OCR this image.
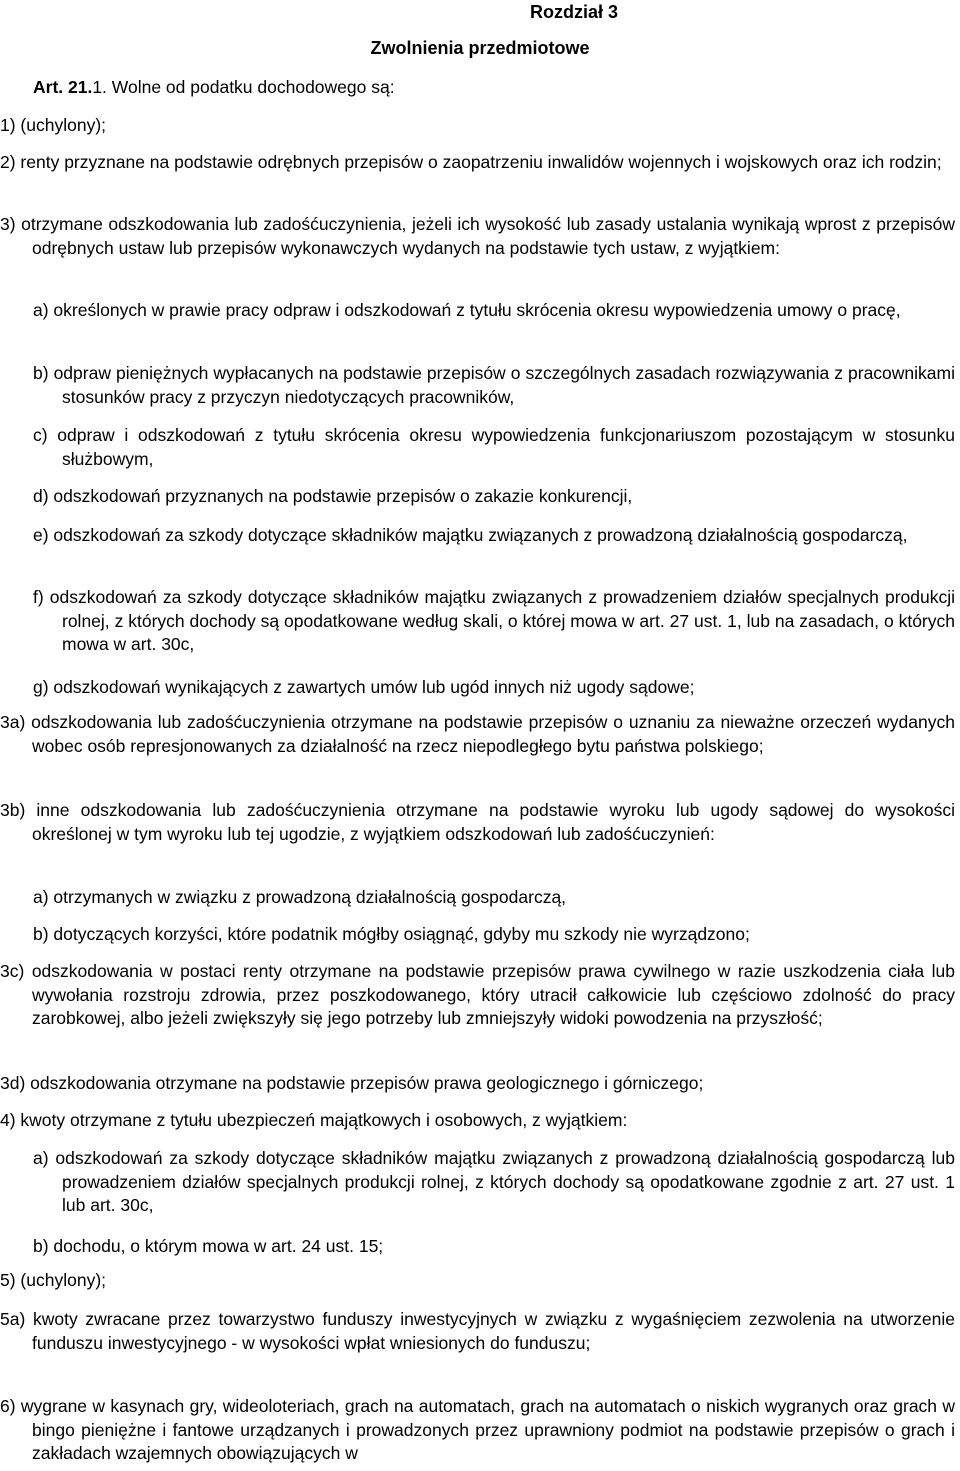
Rozdział 3
Zwolnienia przedmiotowe
Art. 21.1. Wolne od podatku dochodowego są:
1) (uchylony);
2) renty przyznane na podstawie odrębnych przepisów o zaopatrzeniu inwalidów wojennych i wojskowych oraz ich rodzin;
3) otrzymane odszkodowania lub zadośćuczynienia, jeżeli ich wysokość lub zasady ustalania wynikają wprost z przepisów odrębnych ustaw lub przepisów wykonawczych wydanych na podstawie tych ustaw, z wyjątkiem:
a) określonych w prawie pracy odpraw i odszkodowań z tytułu skrócenia okresu wypowiedzenia umowy o pracę,
b) odpraw pieniężnych wypłacanych na podstawie przepisów o szczególnych zasadach rozwiązywania z pracownikami stosunków pracy z przyczyn niedotyczących pracowników,
c) odpraw i odszkodowań z tytułu skrócenia okresu wypowiedzenia funkcjonariuszom pozostającym w stosunku służbowym,
d) odszkodowań przyznanych na podstawie przepisów o zakazie konkurencji,
e) odszkodowań za szkody dotyczące składników majątku związanych z prowadzoną działalnością gospodarczą,
f) odszkodowań za szkody dotyczące składników majątku związanych z prowadzeniem działów specjalnych produkcji rolnej, z których dochody są opodatkowane według skali, o której mowa w art. 27 ust. 1, lub na zasadach, o których mowa w art. 30c,
g) odszkodowań wynikających z zawartych umów lub ugód innych niż ugody sądowe;
3a) odszkodowania lub zadośćuczynienia otrzymane na podstawie przepisów o uznaniu za nieważne orzeczeń wydanych wobec osób represjonowanych za działalność na rzecz niepodległego bytu państwa polskiego;
3b) inne odszkodowania lub zadośćuczynienia otrzymane na podstawie wyroku lub ugody sądowej do wysokości określonej w tym wyroku lub tej ugodzie, z wyjątkiem odszkodowań lub zadośćuczynień:
a) otrzymanych w związku z prowadzoną działalnością gospodarczą,
b) dotyczących korzyści, które podatnik mógłby osiągnąć, gdyby mu szkody nie wyrządzono;
3c) odszkodowania w postaci renty otrzymane na podstawie przepisów prawa cywilnego w razie uszkodzenia ciała lub wywołania rozstroju zdrowia, przez poszkodowanego, który utracił całkowicie lub częściowo zdolność do pracy zarobkowej, albo jeżeli zwiększyły się jego potrzeby lub zmniejszyły widoki powodzenia na przyszłość;
3d) odszkodowania otrzymane na podstawie przepisów prawa geologicznego i górniczego;
4) kwoty otrzymane z tytułu ubezpieczeń majątkowych i osobowych, z wyjątkiem:
a) odszkodowań za szkody dotyczące składników majątku związanych z prowadzoną działalnością gospodarczą lub prowadzeniem działów specjalnych produkcji rolnej, z których dochody są opodatkowane zgodnie z art. 27 ust. 1 lub art. 30c,
b) dochodu, o którym mowa w art. 24 ust. 15;
5) (uchylony);
5a) kwoty zwracane przez towarzystwo funduszy inwestycyjnych w związku z wygaśnięciem zezwolenia na utworzenie funduszu inwestycyjnego - w wysokości wpłat wniesionych do funduszu;
6) wygrane w kasynach gry, wideoloteriach, grach na automatach, grach na automatach o niskich wygranych oraz grach w bingo pieniężne i fantowe urządzanych i prowadzonych przez uprawniony podmiot na podstawie przepisów o grach i zakładach wzajemnych obowiązujących w
